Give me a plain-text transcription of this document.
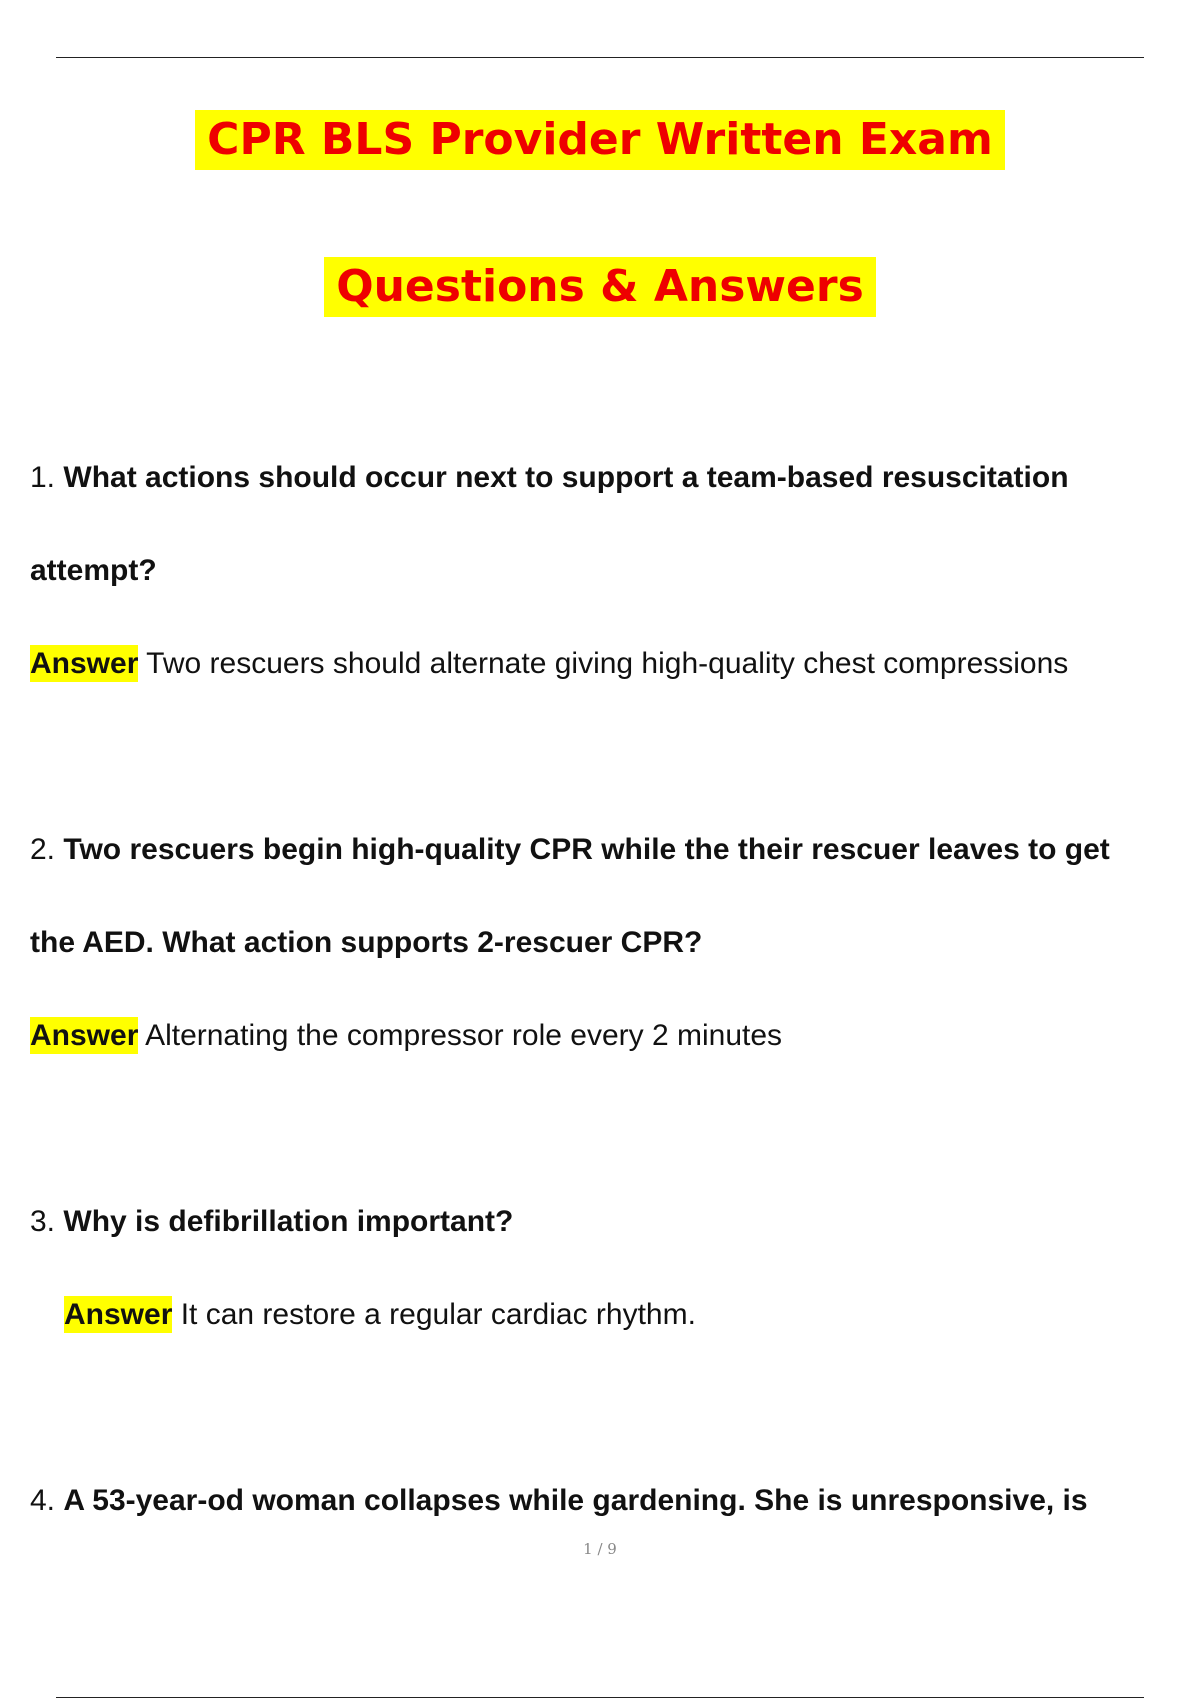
CPR BLS Provider Written Exam
Questions & Answers
1. What actions should occur next to support a team-based resuscitation
attempt?
Answer Two rescuers should alternate giving high-quality chest compressions
2. Two rescuers begin high-quality CPR while the their rescuer leaves to get
the AED. What action supports 2-rescuer CPR?
Answer Alternating the compressor role every 2 minutes
3. Why is defibrillation important?
Answer It can restore a regular cardiac rhythm.
4. A 53-year-od woman collapses while gardening. She is unresponsive, is
1 / 9
